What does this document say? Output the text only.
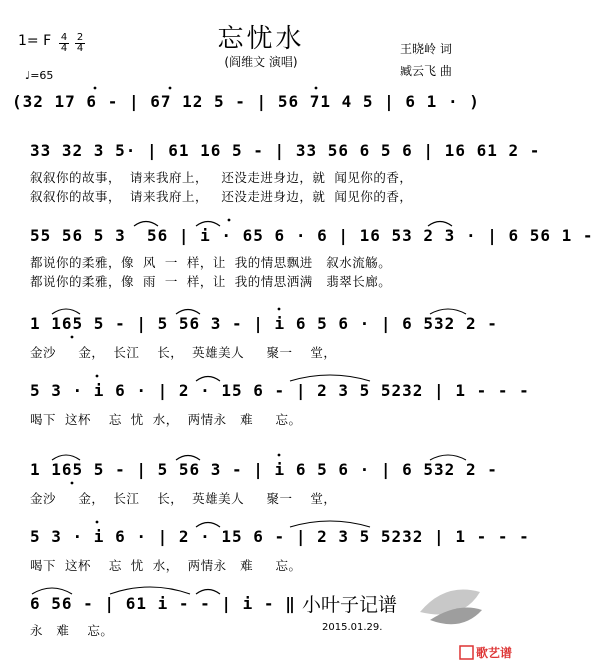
忘忧水
(阎维文 演唱)
王晓岭 词
臧云飞 曲
1= F $\frac{4}{4} \frac{2}{4}$

♩=65

(32 17 6 - | 67 12 5 - | 56 71 4 5 | 6 1 · )
33 32 3 5· | 61 16 5 - | 33 56 6 5 6 | 16 61 2 -
叙叙你的故事，  请来我府上，   还没走进身边，就  闻见你的香，
叙叙你的故事，  请来我府上，   还没走进身边，就  闻见你的香，
55 56 5 3  56 | i · 65 6 · 6 | 16 53 2 3 · | 6 56 1 -
都说你的柔雅，像  风  一  样，让  我的情思飘进   叙水流觞。
都说你的柔雅，像  雨  一  样，让  我的情思洒满   翡翠长廊。
1 165 5 - | 5 56 3 - | i 6 5 6 · | 6 532 2 -
金沙     金，  长江    长，  英雄美人     聚一    堂，
5 3 · i 6 · | 2 · 15 6 - | 2 3 5 5232 | 1 - - -
喝下  这杯    忘  忧  水，  两情永   难     忘。
1 165 5 - | 5 56 3 - | i 6 5 6 · | 6 532 2 -
金沙     金，  长江    长，  英雄美人     聚一    堂，
5 3 · i 6 · | 2 · 15 6 - | 2 3 5 5232 | 1 - - -
喝下  这杯    忘  忧  水，  两情永   难     忘。
6 56 - | 61 i - - | i - ‖
永   难    忘。
小叶子记谱
2015.01.29.
歌艺谱
